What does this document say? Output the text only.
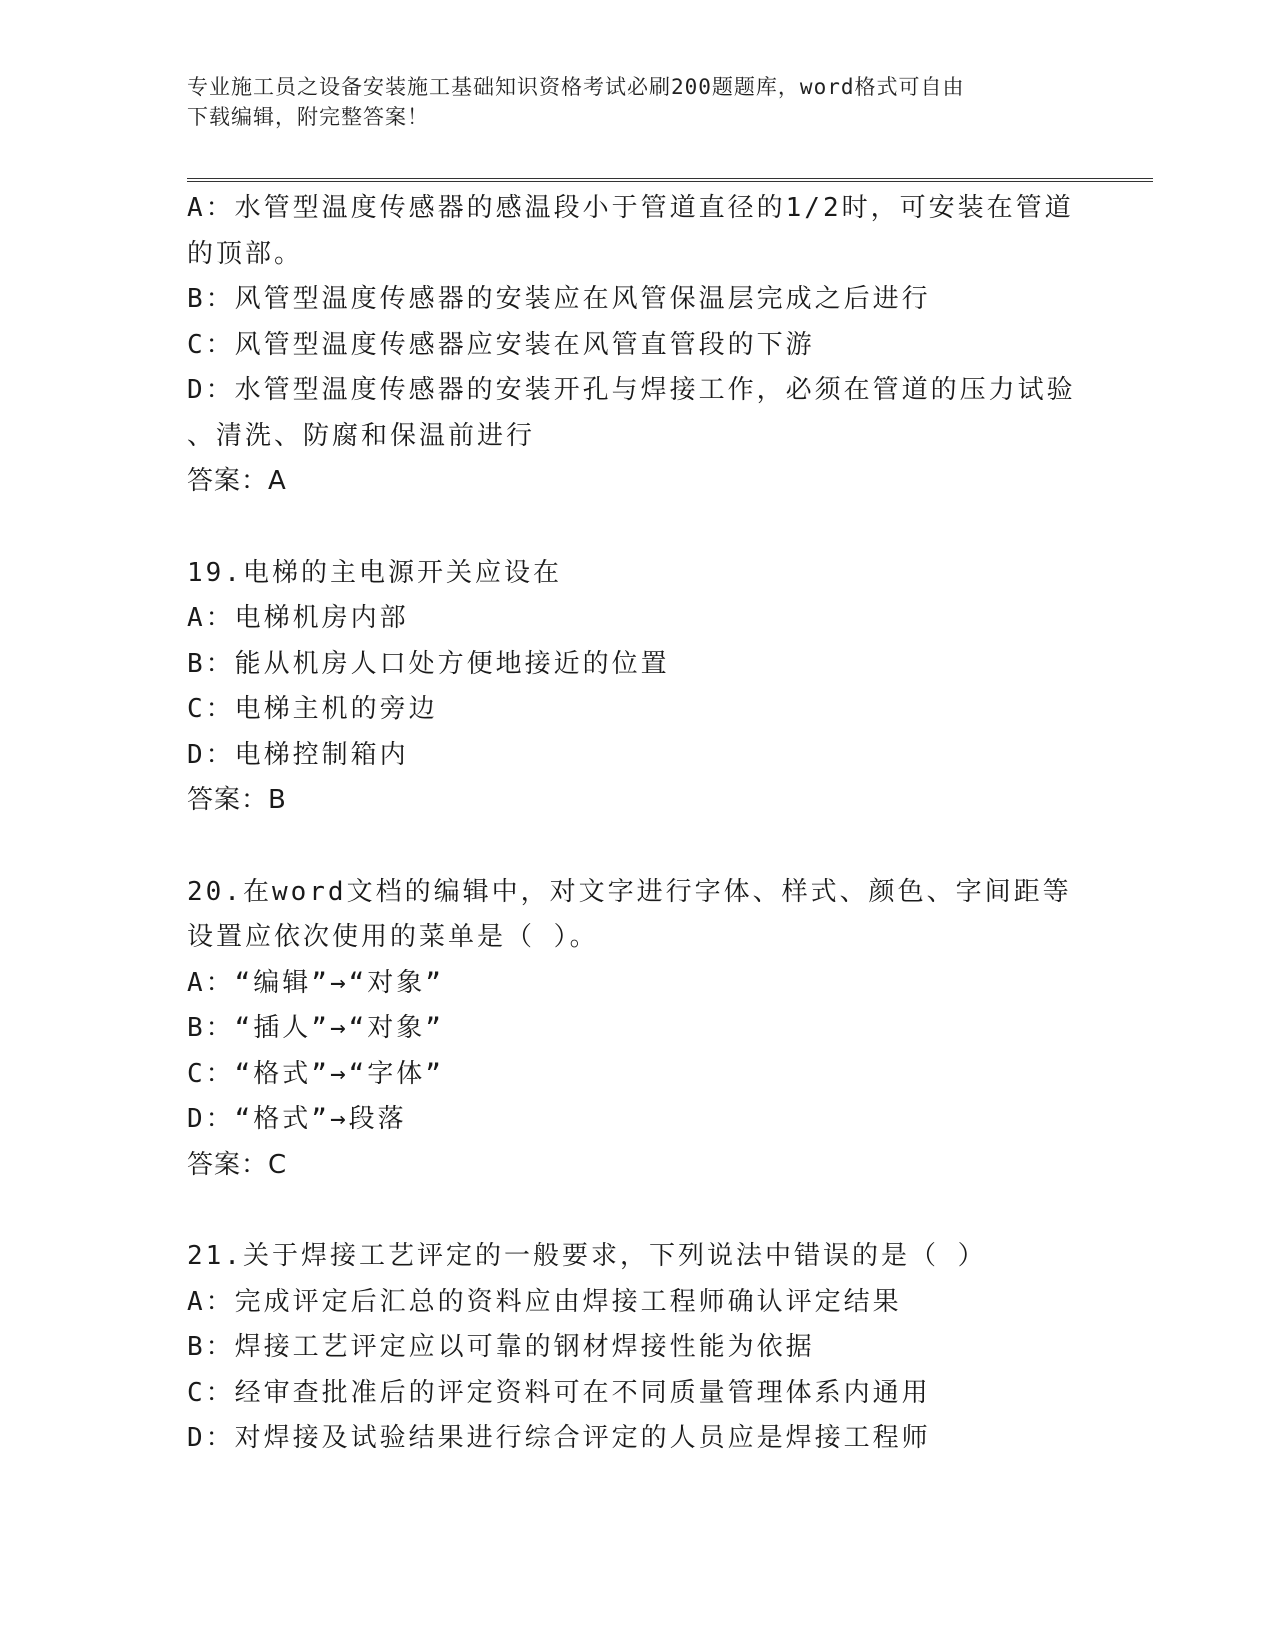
专业施工员之设备安装施工基础知识资格考试必刷200题题库，word格式可自由
下载编辑，附完整答案！
A：水管型温度传感器的感温段小于管道直径的1/2时，可安装在管道
的顶部。
B：风管型温度传感器的安装应在风管保温层完成之后进行
C：风管型温度传感器应安装在风管直管段的下游
D：水管型温度传感器的安装开孔与焊接工作，必须在管道的压力试验
、清洗、防腐和保温前进行
答案：A
19.电梯的主电源开关应设在
A：电梯机房内部
B：能从机房人口处方便地接近的位置
C：电梯主机的旁边
D：电梯控制箱内
答案：B
20.在word文档的编辑中，对文字进行字体、样式、颜色、字间距等
设置应依次使用的菜单是（ ）。
A：“编辑”→“对象”
B：“插人”→“对象”
C：“格式”→“字体”
D：“格式”→段落
答案：C
21.关于焊接工艺评定的一般要求，下列说法中错误的是（ ）
A：完成评定后汇总的资料应由焊接工程师确认评定结果
B：焊接工艺评定应以可靠的钢材焊接性能为依据
C：经审查批准后的评定资料可在不同质量管理体系内通用
D：对焊接及试验结果进行综合评定的人员应是焊接工程师
